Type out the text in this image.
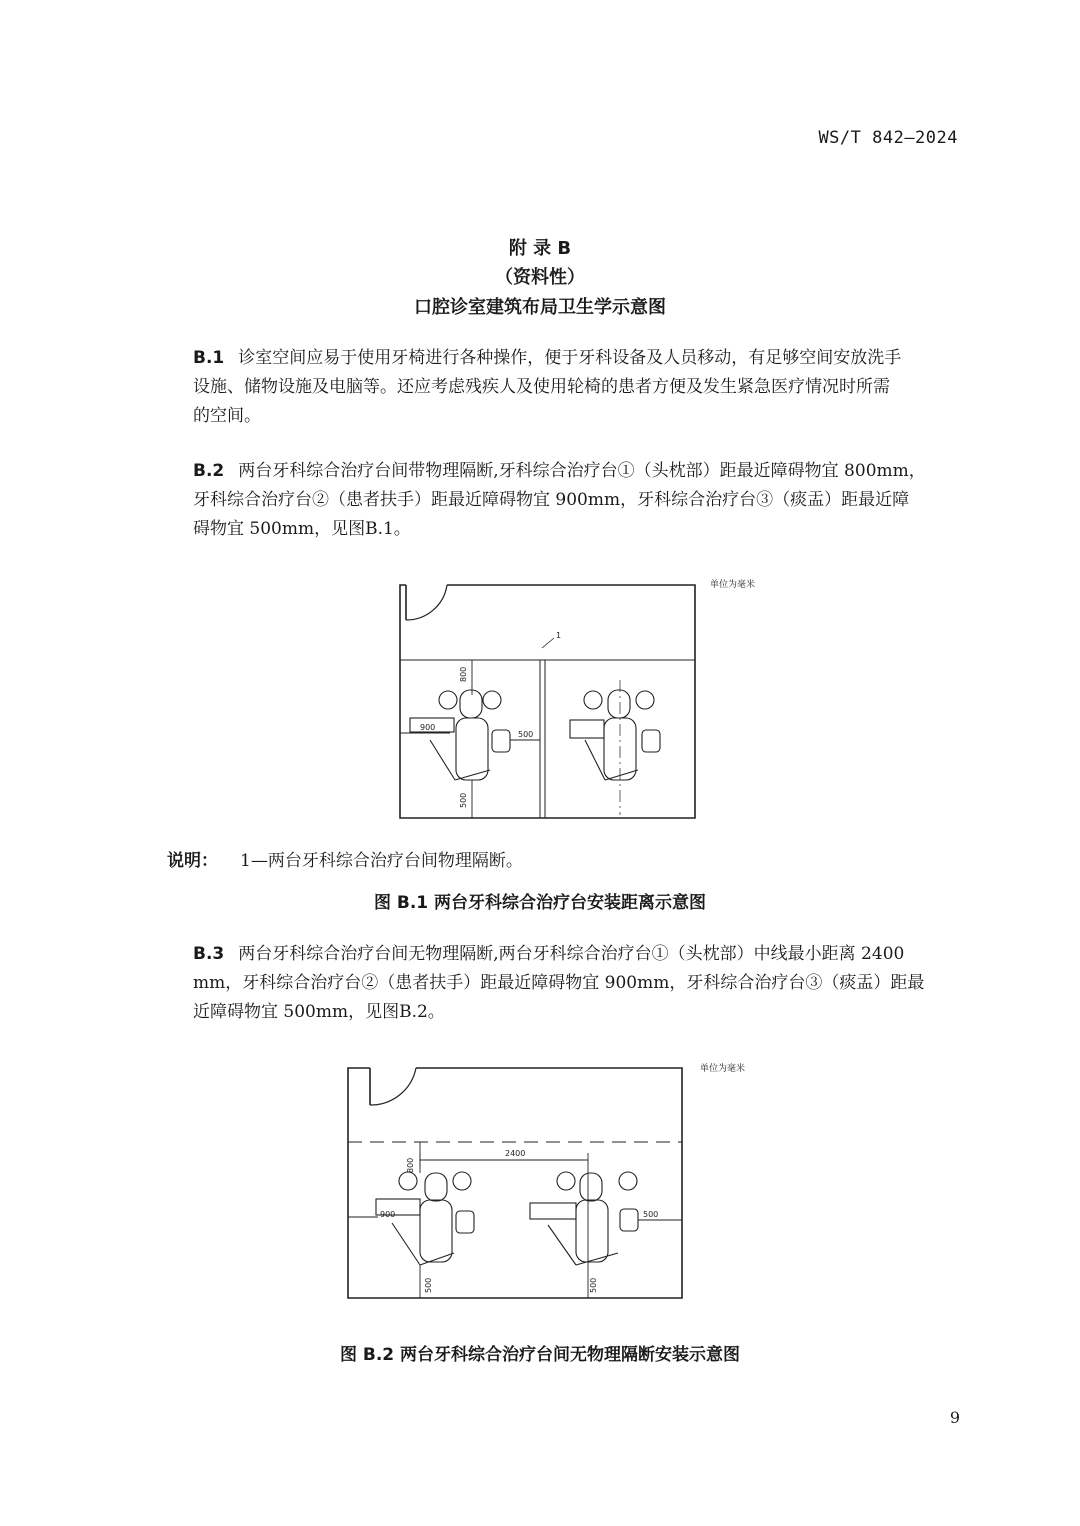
WS/T 842—2024
附 录 B
（资料性）
口腔诊室建筑布局卫生学示意图
B.1 诊室空间应易于使用牙椅进行各种操作，便于牙科设备及人员移动，有足够空间安放洗手
设施、储物设施及电脑等。还应考虑残疾人及使用轮椅的患者方便及发生紧急医疗情况时所需
的空间。
B.2 两台牙科综合治疗台间带物理隔断,牙科综合治疗台①（头枕部）距最近障碍物宜 800mm，
牙科综合治疗台②（患者扶手）距最近障碍物宜 900mm，牙科综合治疗台③（痰盂）距最近障
碍物宜 500mm，见图B.1。
1
800
900
500
500
单位为毫米
说明： 1—两台牙科综合治疗台间物理隔断。
图 B.1 两台牙科综合治疗台安装距离示意图
B.3 两台牙科综合治疗台间无物理隔断,两台牙科综合治疗台①（头枕部）中线最小距离 2400
mm，牙科综合治疗台②（患者扶手）距最近障碍物宜 900mm，牙科综合治疗台③（痰盂）距最
近障碍物宜 500mm，见图B.2。
2400
800
900
500
500
500
单位为毫米
图 B.2 两台牙科综合治疗台间无物理隔断安装示意图
9
